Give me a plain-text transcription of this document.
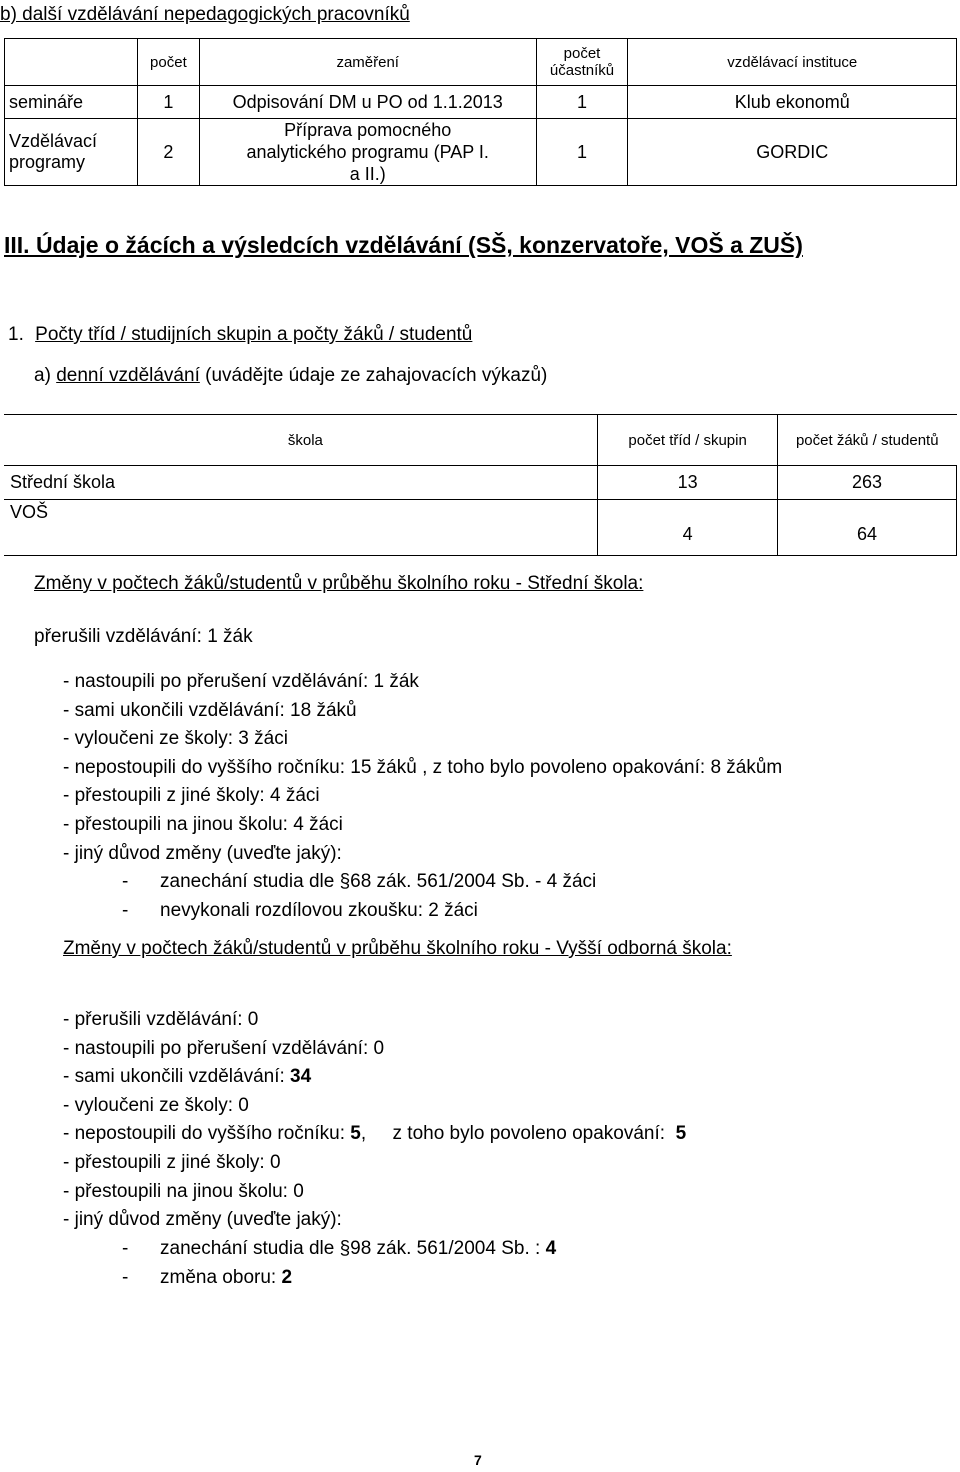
b) další vzdělávání nepedagogických pracovníků
	počet	zaměření	počet účastníků	vzdělávací instituce
semináře	1	Odpisování DM u PO od 1.1.2013	1	Klub ekonomů
Vzdělávací programy	2	Příprava pomocného analytického programu (PAP I. a II.)	1	GORDIC
III. Údaje o žácích a výsledcích vzdělávání (SŠ, konzervatoře, VOŠ a ZUŠ)
1. Počty tříd / studijních skupin a počty žáků / studentů
a) denní vzdělávání (uvádějte údaje ze zahajovacích výkazů)
	škola	počet tříd / skupin	počet žáků / studentů
Střední škola		13	263
VOŠ		4	64
Změny v počtech žáků/studentů v průběhu školního roku - Střední škola:
přerušili vzdělávání: 1 žák
- nastoupili po přerušení vzdělávání: 1 žák
- sami ukončili vzdělávání: 18 žáků
- vyloučeni ze školy: 3 žáci
- nepostoupili do vyššího ročníku: 15 žáků , z toho bylo povoleno opakování: 8 žákům
- přestoupili z jiné školy: 4 žáci
- přestoupili na jinou školu: 4 žáci
- jiný důvod změny (uveďte jaký):
- zanechání studia dle §68 zák. 561/2004 Sb. - 4 žáci
- nevykonali rozdílovou zkoušku: 2 žáci
Změny v počtech žáků/studentů v průběhu školního roku - Vyšší odborná škola:
- přerušili vzdělávání: 0
- nastoupili po přerušení vzdělávání: 0
- sami ukončili vzdělávání: 34
- vyloučeni ze školy: 0
- nepostoupili do vyššího ročníku: 5,     z toho bylo povoleno opakování:  5
- přestoupili z jiné školy: 0
- přestoupili na jinou školu: 0
- jiný důvod změny (uveďte jaký):
- zanechání studia dle §98 zák. 561/2004 Sb. : 4
- změna oboru: 2
7
